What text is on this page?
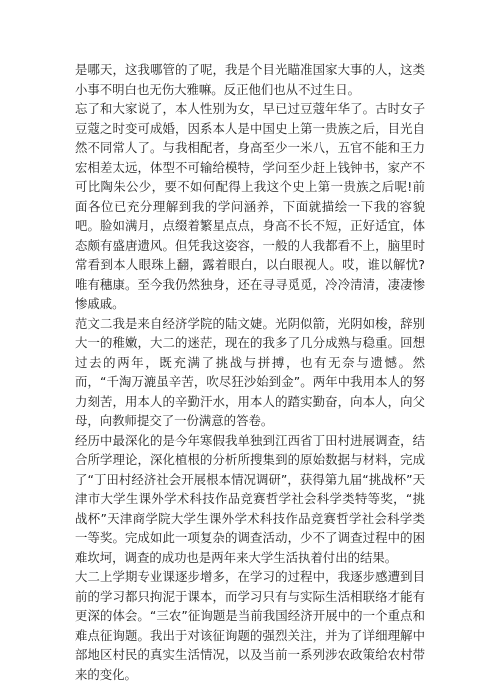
是哪天，这我哪管的了呢，我是个目光瞄准国家大事的人，这类小事不明白也无伤大雅嘛。反正他们也从不过生日。

忘了和大家说了，本人性别为女，早已过豆蔻年华了。古时女子豆蔻之时变可成婚，因系本人是中国史上第一贵族之后，目光自然不同常人了。与我相配者，身高至少一米八，五官不能和王力宏相差太远，体型不可输给模特，学问至少赶上钱钟书，家产不可比陶朱公少，要不如何配得上我这个史上第一贵族之后呢!前面各位已充分理解到我的学问涵养，下面就描绘一下我的容貌吧。脸如满月，点缀着繁星点点，身高不长不短，正好适宜，体态颇有盛唐遗风。但凭我这姿容，一般的人我都看不上，脑里时常看到本人眼珠上翻，露着眼白，以白眼视人。哎，谁以解忧?唯有穗康。至今我仍然独身，还在寻寻觅觅，冷冷清清，凄凄惨惨戚戚。

范文二我是来自经济学院的陆文婕。光阴似箭，光阴如梭，辞别大一的稚嫩，大二的迷茫，现在的我多了几分成熟与稳重。回想过去的两年，既充满了挑战与拼搏，也有无奈与遗憾。然而，“千淘万漉虽辛苦，吹尽狂沙始到金”。两年中我用本人的努力刻苦，用本人的辛勤汗水，用本人的踏实勤奋，向本人，向父母，向教师提交了一份满意的答卷。

经历中最深化的是今年寒假我单独到江西省丁田村进展调查，结合所学理论，深化植根的分析所搜集到的原始数据与材料，完成了“丁田村经济社会开展根本情况调研”，获得第九届“挑战杯”天津市大学生课外学术科技作品竞赛哲学社会科学类特等奖，“挑战杯”天津商学院大学生课外学术科技作品竞赛哲学社会科学类一等奖。完成如此一项复杂的调查活动，少不了调查过程中的困难坎坷，调查的成功也是两年来大学生活执着付出的结果。

大二上学期专业课逐步增多，在学习的过程中，我逐步感遭到目前的学习都只拘泥于课本，而学习只有与实际生活相联络才能有更深的体会。“三农”征询题是当前我国经济开展中的一个重点和难点征询题。我出于对该征询题的强烈关注，并为了详细理解中部地区村民的真实生活情况，以及当前一系列涉农政策给农村带来的变化。
